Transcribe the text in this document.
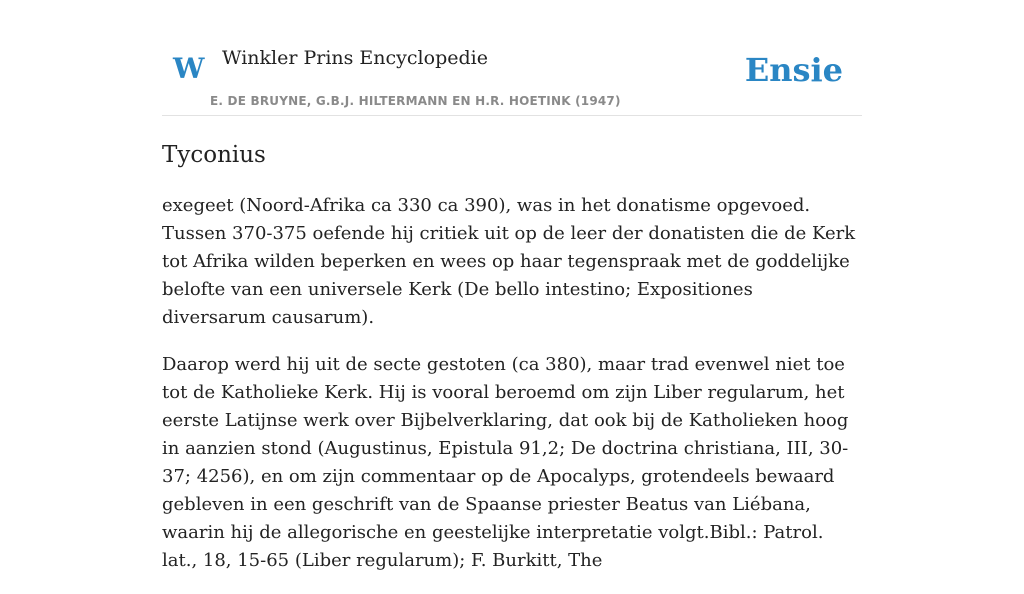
W Winkler Prins Encyclopedie
E. DE BRUYNE, G.B.J. HILTERMANN EN H.R. HOETINK (1947)
Ensie
Tyconius

exegeet (Noord-Afrika ca 330 ca 390), was in het donatisme opgevoed. Tussen 370-375 oefende hij critiek uit op de leer der donatisten die de Kerk tot Afrika wilden beperken en wees op haar tegenspraak met de goddelijke belofte van een universele Kerk (De bello intestino; Expositiones diversarum causarum).

Daarop werd hij uit de secte gestoten (ca 380), maar trad evenwel niet toe tot de Katholieke Kerk. Hij is vooral beroemd om zijn Liber regularum, het eerste Latijnse werk over Bijbelverklaring, dat ook bij de Katholieken hoog in aanzien stond (Augustinus, Epistula 91,2; De doctrina christiana, III, 30-37; 4256), en om zijn commentaar op de Apocalyps, grotendeels bewaard gebleven in een geschrift van de Spaanse priester Beatus van Liébana, waarin hij de allegorische en geestelijke interpretatie volgt.Bibl.: Patrol. lat., 18, 15-65 (Liber regularum); F. Burkitt, The
